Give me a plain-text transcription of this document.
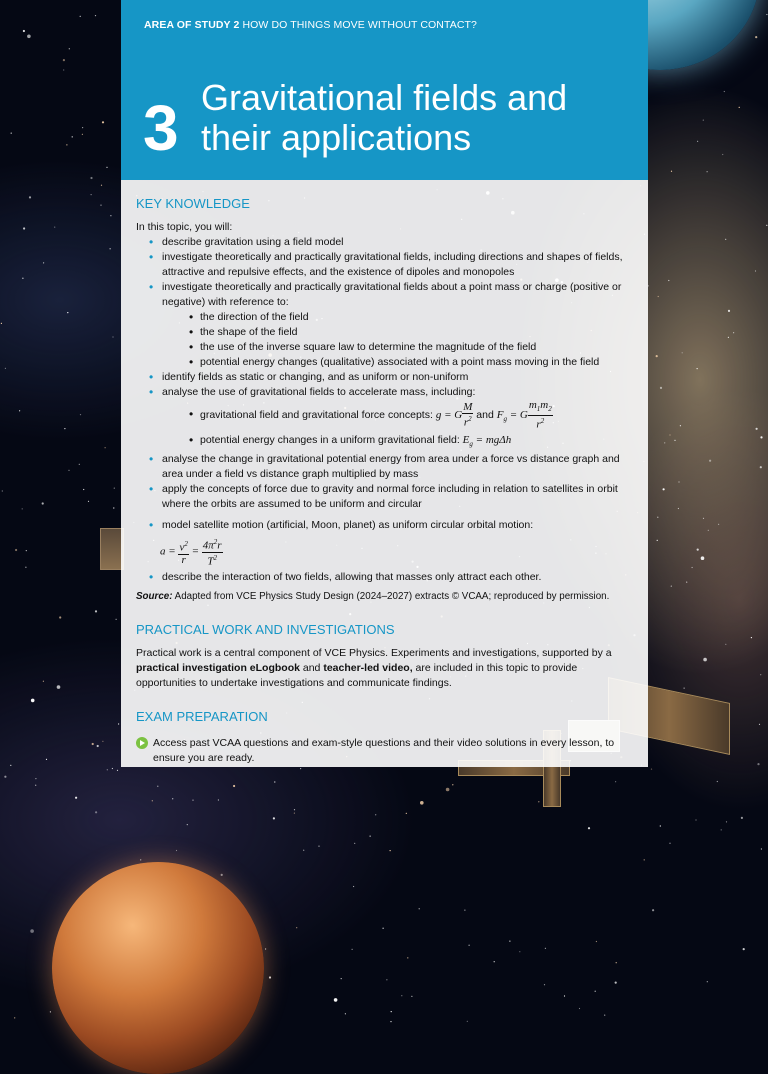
AREA OF STUDY 2 HOW DO THINGS MOVE WITHOUT CONTACT?
3 Gravitational fields and
their applications
KEY KNOWLEDGE
In this topic, you will:
• describe gravitation using a field model
• investigate theoretically and practically gravitational fields, including directions and shapes of fields, attractive and repulsive effects, and the existence of dipoles and monopoles
• investigate theoretically and practically gravitational fields about a point mass or charge (positive or negative) with reference to:
• the direction of the field
• the shape of the field
• the use of the inverse square law to determine the magnitude of the field
• potential energy changes (qualitative) associated with a point mass moving in the field
• identify fields as static or changing, and as uniform or non-uniform
• analyse the use of gravitational fields to accelerate mass, including:
• gravitational field and gravitational force concepts: g = G $\frac{M}{r^2}$ and $F_g = G \frac{m_1m_2}{r^2}$
• potential energy changes in a uniform gravitational field: $E_g = mg\Delta h$
• analyse the change in gravitational potential energy from area under a force vs distance graph and area under a field vs distance graph multiplied by mass
• apply the concepts of force due to gravity and normal force including in relation to satellites in orbit where the orbits are assumed to be uniform and circular
• model satellite motion (artificial, Moon, planet) as uniform circular orbital motion:
$a = \frac{v^2}{r} = \frac{4\pi^2r}{T^2}$
• describe the interaction of two fields, allowing that masses only attract each other.
Source: Adapted from VCE Physics Study Design (2024–2027) extracts © VCAA; reproduced by permission.
PRACTICAL WORK AND INVESTIGATIONS
Practical work is a central component of VCE Physics. Experiments and investigations, supported by a practical investigation eLogbook and teacher-led video, are included in this topic to provide opportunities to undertake investigations and communicate findings.
EXAM PREPARATION
Access past VCAA questions and exam-style questions and their video solutions in every lesson, to ensure you are ready.
